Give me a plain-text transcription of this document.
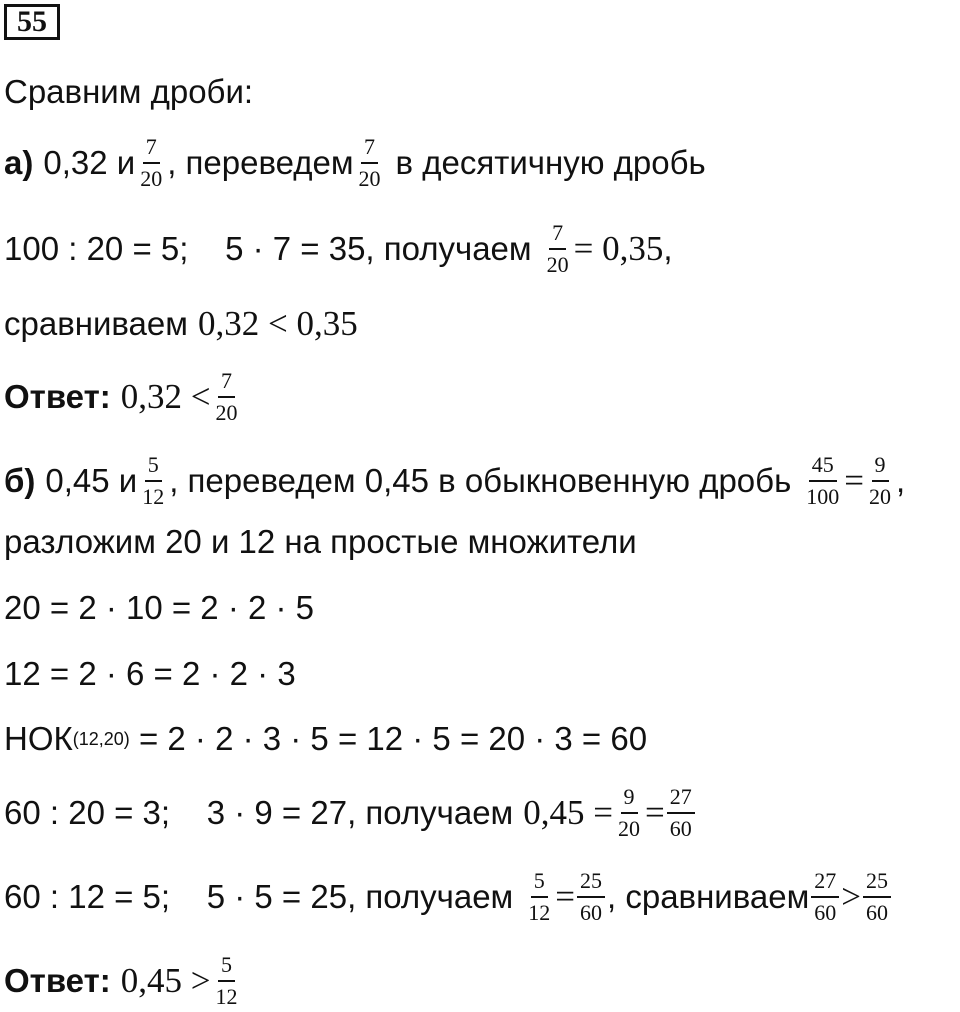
55
Сравним дроби:
а) 0,32 и $\frac{7}{20}$ , переведем $\frac{7}{20}$ в десятичную дробь
100 : 20 = 5;    5 · 7 = 35, получаем $\frac{7}{20} = 0,35$ ,
сравниваем 0,32 < 0,35
Ответ: $0,32 < \frac{7}{20}$
б) 0,45 и $\frac{5}{12}$ , переведем 0,45 в обыкновенную дробь $\frac{45}{100} = \frac{9}{20}$ ,
разложим 20 и 12 на простые множители
20 = 2 · 10 = 2 · 2 · 5
12 = 2 · 6 = 2 · 2 · 3
НОК (12,20) = 2 · 2 · 3 · 5 = 12 · 5 = 20 · 3 = 60
60 : 20 = 3;    3 · 9 = 27, получаем $0,45 = \frac{9}{20} = \frac{27}{60}$
60 : 12 = 5;    5 · 5 = 25, получаем $\frac{5}{12} = \frac{25}{60}$ , сравниваем $\frac{27}{60} > \frac{25}{60}$
Ответ: $0,45 > \frac{5}{12}$
